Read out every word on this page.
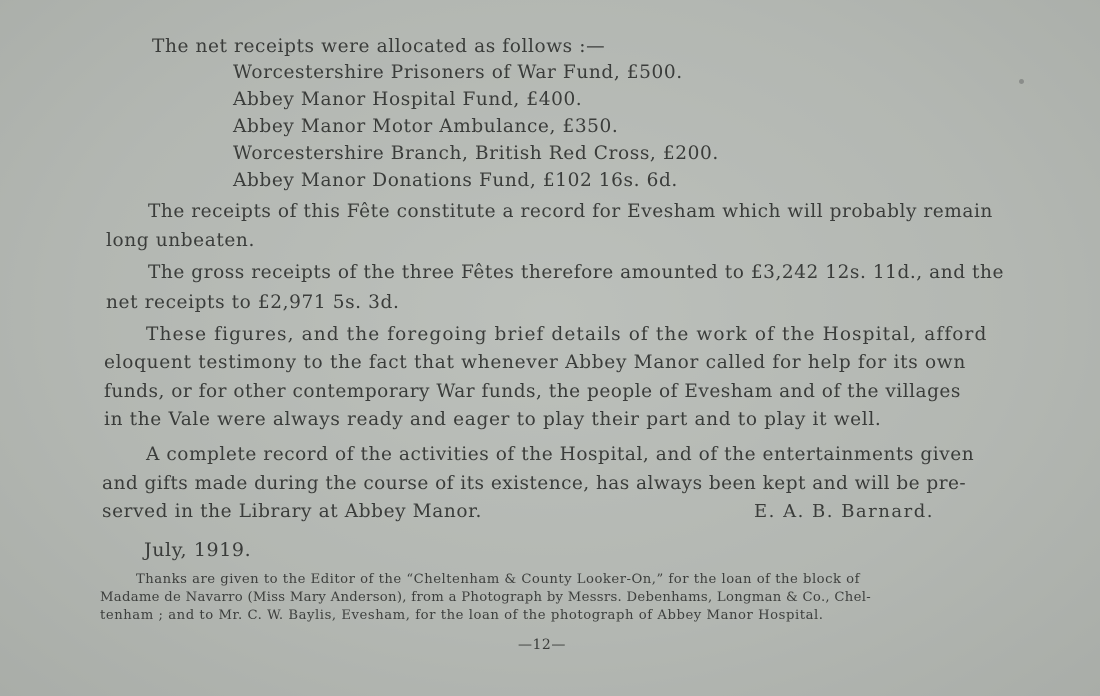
The net receipts were allocated as follows :—
Worcestershire Prisoners of War Fund, £500.
Abbey Manor Hospital Fund, £400.
Abbey Manor Motor Ambulance, £350.
Worcestershire Branch, British Red Cross, £200.
Abbey Manor Donations Fund, £102 16s. 6d.
The receipts of this Fête constitute a record for Evesham which will probably remain
long unbeaten.
The gross receipts of the three Fêtes therefore amounted to £3,242 12s. 11d., and the
net receipts to £2,971 5s. 3d.
These figures, and the foregoing brief details of the work of the Hospital, afford
eloquent testimony to the fact that whenever Abbey Manor called for help for its own
funds, or for other contemporary War funds, the people of Evesham and of the villages
in the Vale were always ready and eager to play their part and to play it well.
A complete record of the activities of the Hospital, and of the entertainments given
and gifts made during the course of its existence, has always been kept and will be pre-
served in the Library at Abbey Manor.	E. A. B. Barnard.
July, 1919.
Thanks are given to the Editor of the “Cheltenham & County Looker-On,” for the loan of the block of
Madame de Navarro (Miss Mary Anderson), from a Photograph by Messrs. Debenhams, Longman & Co., Chel-
tenham ; and to Mr. C. W. Baylis, Evesham, for the loan of the photograph of Abbey Manor Hospital.
—12—
